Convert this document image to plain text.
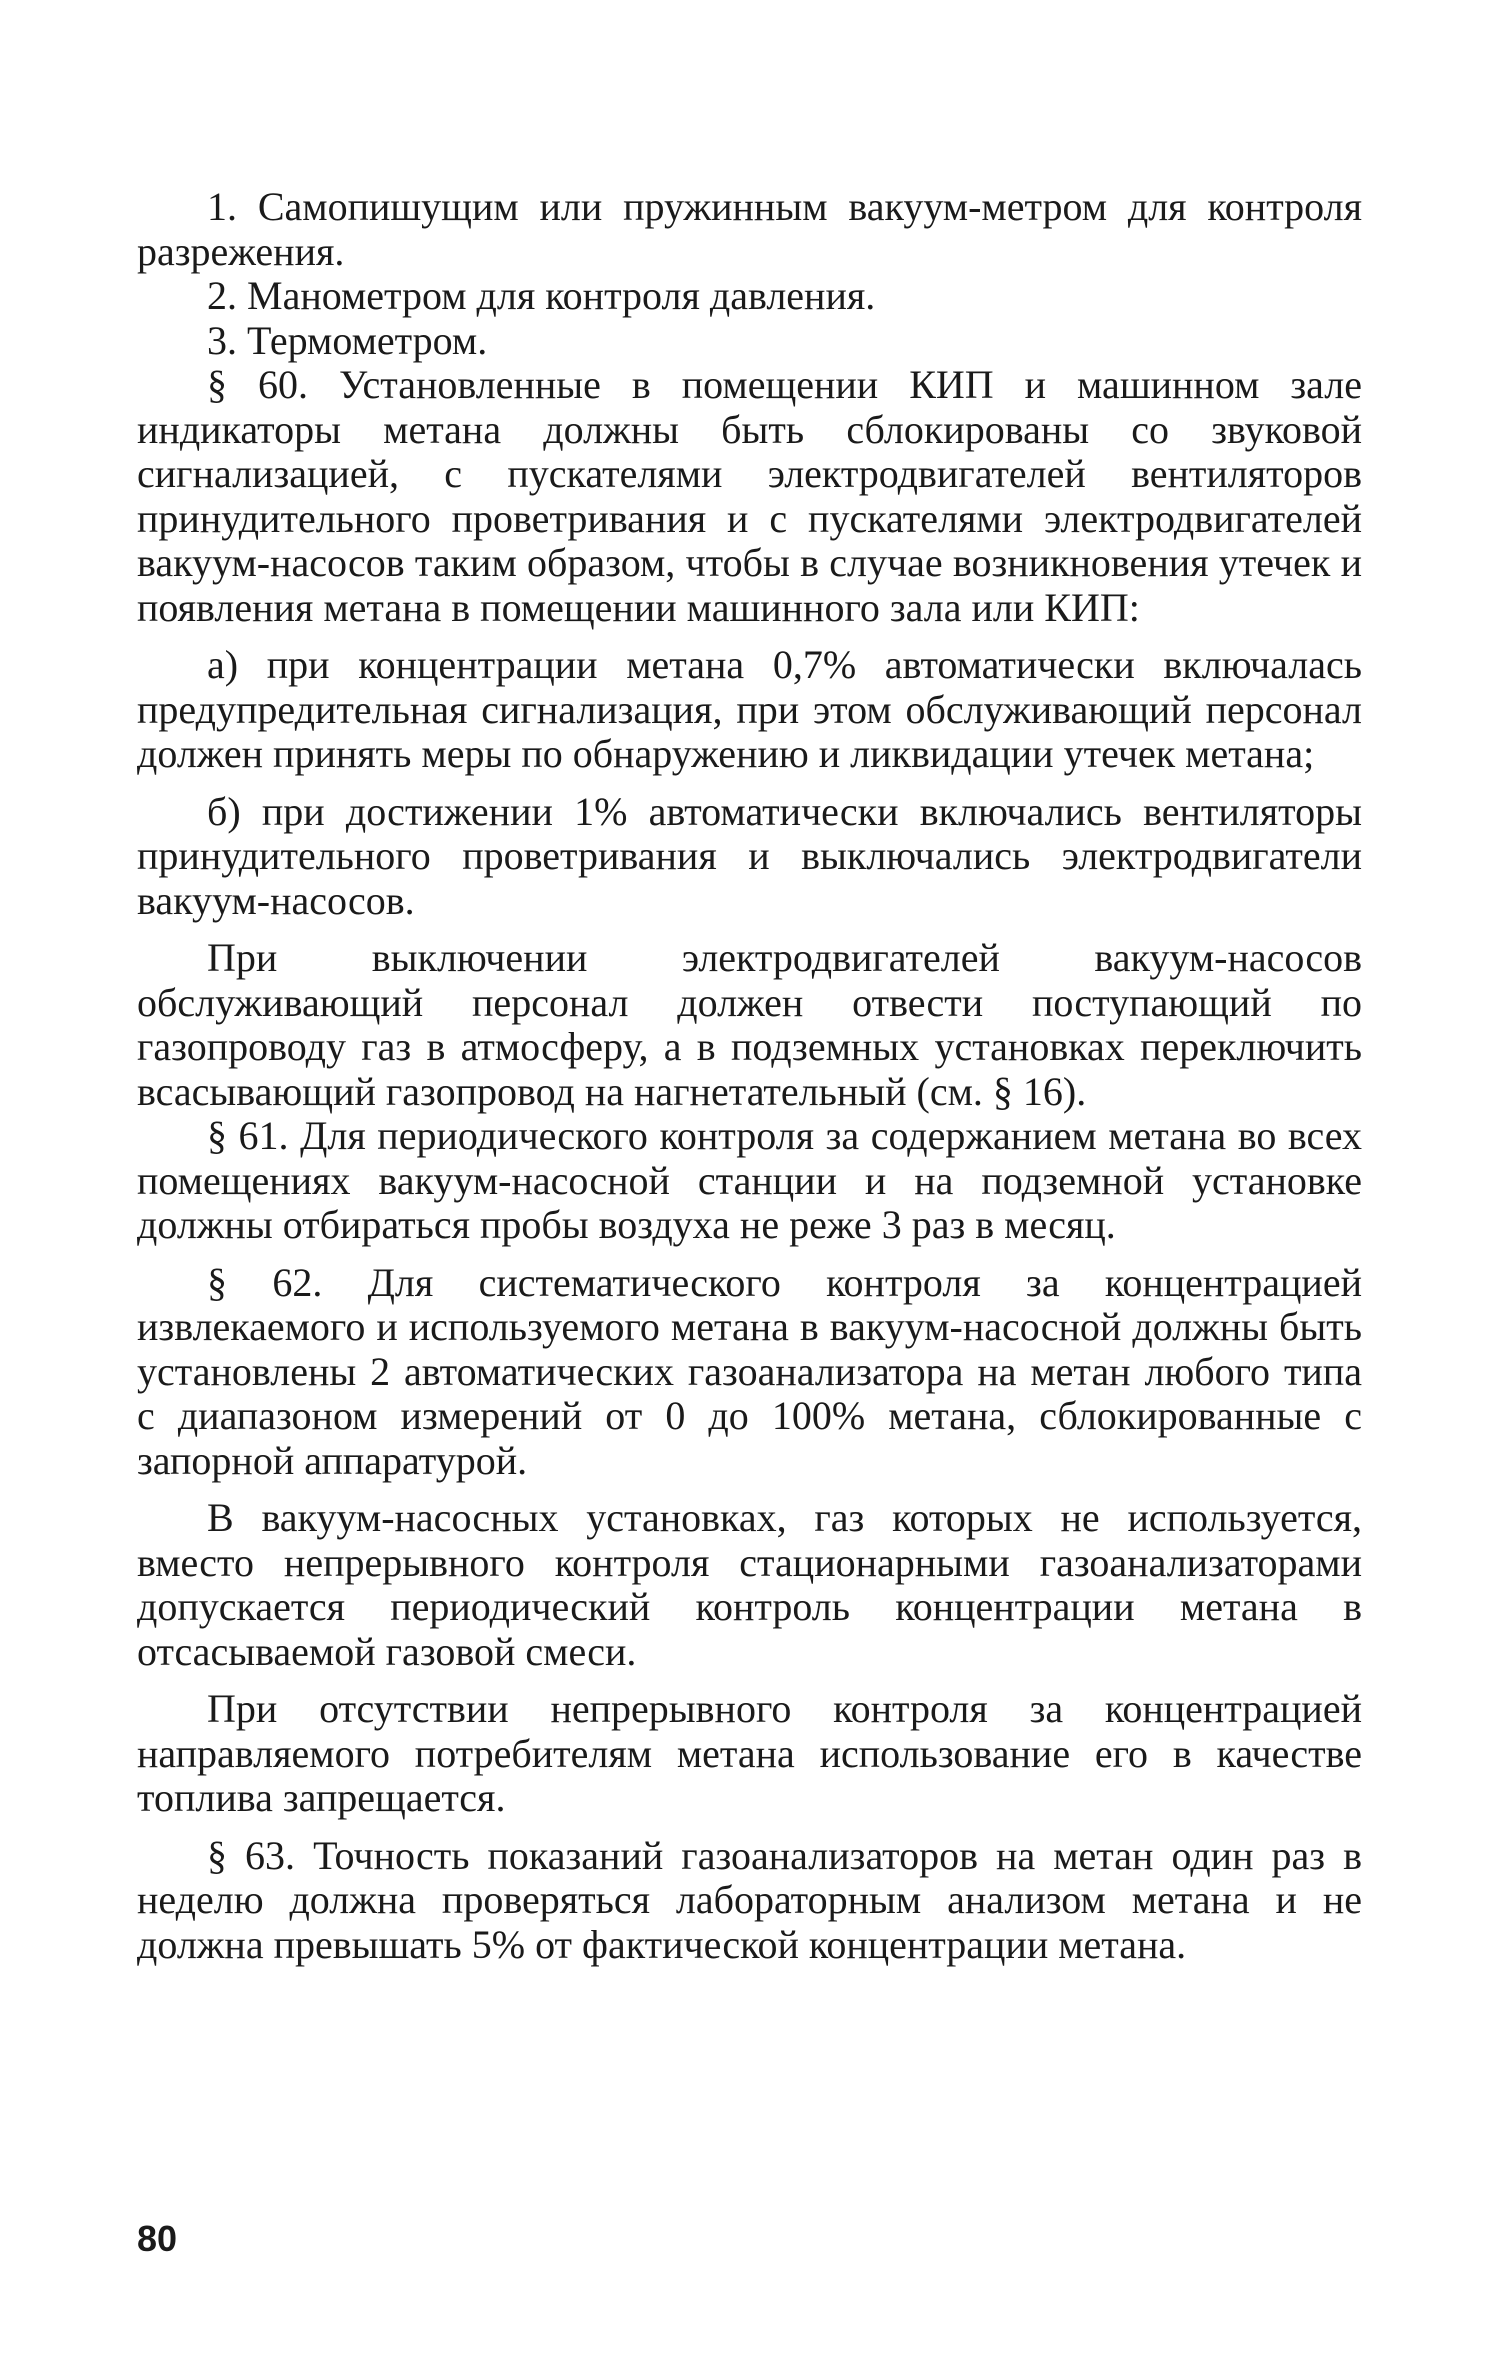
1. Самопишущим или пружинным вакуум-метром для контроля разрежения.

2. Манометром для контроля давления.

3. Термометром.

§ 60. Установленные в помещении КИП и машинном зале индикаторы метана должны быть сблокированы со звуковой сигнализацией, с пускателями электродвигателей вентиляторов принудительного проветривания и с пускателями электродвигателей вакуум-насосов таким образом, чтобы в случае возникновения утечек и появления метана в помещении машинного зала или КИП:

а) при концентрации метана 0,7% автоматически включалась предупредительная сигнализация, при этом обслуживающий персонал должен принять меры по обнаружению и ликвидации утечек метана;

б) при достижении 1% автоматически включались вентиляторы принудительного проветривания и выключались электродвигатели вакуум-насосов.

При выключении электродвигателей вакуум-насосов обслуживающий персонал должен отвести поступающий по газопроводу газ в атмосферу, а в подземных установках переключить всасывающий газопровод на нагнетательный (см. § 16).

§ 61. Для периодического контроля за содержанием метана во всех помещениях вакуум-насосной станции и на подземной установке должны отбираться пробы воздуха не реже 3 раз в месяц.

§ 62. Для систематического контроля за концентрацией извлекаемого и используемого метана в вакуум-насосной должны быть установлены 2 автоматических газоанализатора на метан любого типа с диапазоном измерений от 0 до 100% метана, сблокированные с запорной аппаратурой.

В вакуум-насосных установках, газ которых не используется, вместо непрерывного контроля стационарными газоанализаторами допускается периодический контроль концентрации метана в отсасываемой газовой смеси.

При отсутствии непрерывного контроля за концентрацией направляемого потребителям метана использование его в качестве топлива запрещается.

§ 63. Точность показаний газоанализаторов на метан один раз в неделю должна проверяться лабораторным анализом метана и не должна превышать 5% от фактической концентрации метана.

80
